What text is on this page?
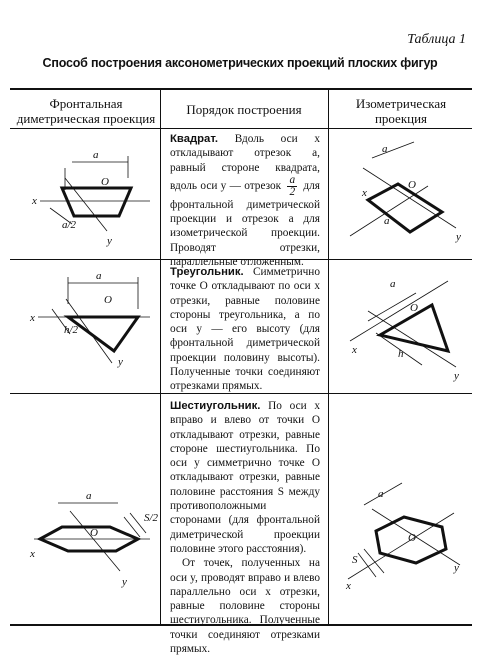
Таблица 1
Способ построения аксонометрических проекций плоских фигур
Фронтальная диметрическая проекция
Порядок построения	Изометрическая проекция
Квадрат. Вдоль оси x откладывают отрезок a, равный стороне квадрата, вдоль оси y — отрезок $\frac{a}{2}$ для фронтальной диметрической проекции и отрезок a для изометрической проекции. Проводят отрезки, параллельные отложенным.
Треугольник. Симметрично точке O откладывают по оси x отрезки, равные половине стороны треугольника, а по оси y — его высоту (для фронтальной диметрической проекции половину высоты). Полученные точки соединяют отрезками прямых.
Шестиугольник. По оси x вправо и влево от точки O откладывают отрезки, равные стороне шестиугольника. По оси y симметрично точке O откладывают отрезки, равные половине расстояния S между противоположными сторонами (для фронтальной диметрической проекции половине этого расстояния).
От точек, полученных на оси y, проводят вправо и влево параллельно оси x отрезки, равные половине стороны шестиугольника. Полученные точки соединяют отрезками прямых.
a
O
x
y
a/2
a
O
x
y
a
a
O
x
y
h/2
a
O
x
y
h
a
O
x
y
S/2
a
O
x
y
S
